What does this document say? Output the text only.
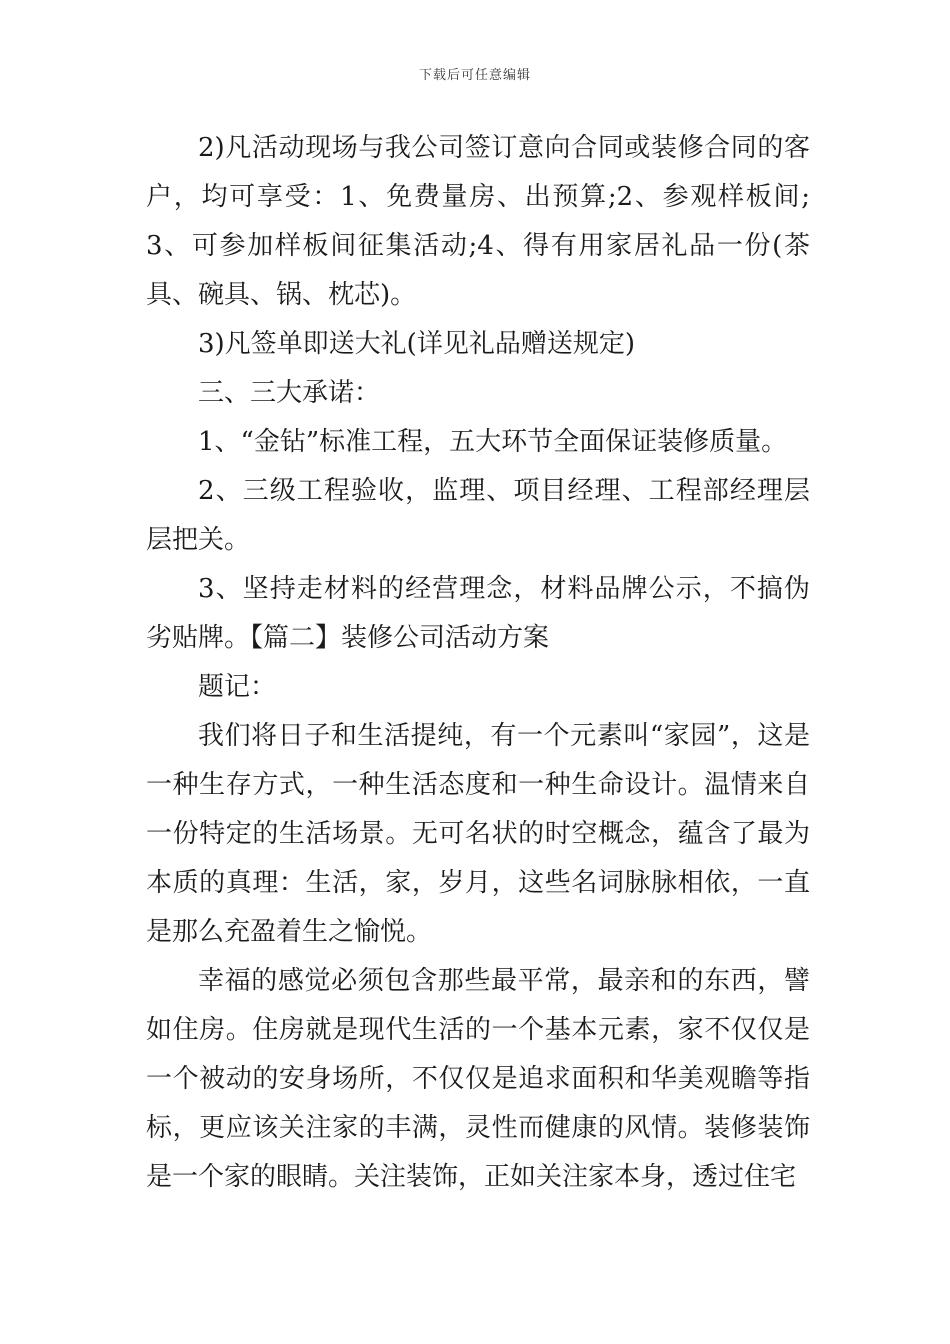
下载后可任意编辑

2)凡活动现场与我公司签订意向合同或装修合同的客户，均可享受：1、免费量房、出预算;2、参观样板间;3、可参加样板间征集活动;4、得有用家居礼品一份(茶具、碗具、锅、枕芯)。

3)凡签单即送大礼(详见礼品赠送规定)

三、三大承诺：

1、“金钻”标准工程，五大环节全面保证装修质量。

2、三级工程验收，监理、项目经理、工程部经理层层把关。

3、坚持走材料的经营理念，材料品牌公示，不搞伪劣贴牌。【篇二】装修公司活动方案

题记：

我们将日子和生活提纯，有一个元素叫“家园”，这是一种生存方式，一种生活态度和一种生命设计。温情来自一份特定的生活场景。无可名状的时空概念，蕴含了最为本质的真理：生活，家，岁月，这些名词脉脉相依，一直是那么充盈着生之愉悦。

幸福的感觉必须包含那些最平常，最亲和的东西，譬如住房。住房就是现代生活的一个基本元素，家不仅仅是一个被动的安身场所，不仅仅是追求面积和华美观瞻等指标，更应该关注家的丰满，灵性而健康的风情。装修装饰是一个家的眼睛。关注装饰，正如关注家本身，透过住宅
